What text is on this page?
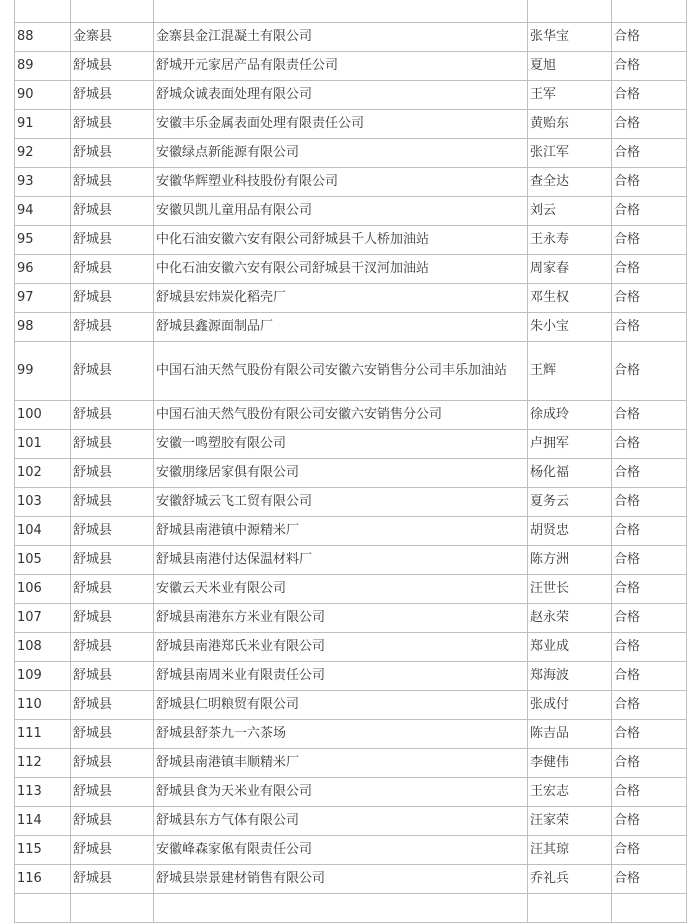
88	金寨县	金寨县金江混凝土有限公司	张华宝	合格
89	舒城县	舒城开元家居产品有限责任公司	夏旭	合格
90	舒城县	舒城众诚表面处理有限公司	王军	合格
91	舒城县	安徽丰乐金属表面处理有限责任公司	黄贻东	合格
92	舒城县	安徽绿点新能源有限公司	张江军	合格
93	舒城县	安徽华辉塑业科技股份有限公司	查全达	合格
94	舒城县	安徽贝凯儿童用品有限公司	刘云	合格
95	舒城县	中化石油安徽六安有限公司舒城县千人桥加油站	王永寿	合格
96	舒城县	中化石油安徽六安有限公司舒城县干汊河加油站	周家春	合格
97	舒城县	舒城县宏炜炭化稻壳厂	邓生权	合格
98	舒城县	舒城县鑫源面制品厂	朱小宝	合格
99	舒城县	中国石油天然气股份有限公司安徽六安销售分公司丰乐加油站	王辉	合格
100	舒城县	中国石油天然气股份有限公司安徽六安销售分公司	徐成玲	合格
101	舒城县	安徽一鸣塑胶有限公司	卢拥军	合格
102	舒城县	安徽朋缘居家俱有限公司	杨化福	合格
103	舒城县	安徽舒城云飞工贸有限公司	夏务云	合格
104	舒城县	舒城县南港镇中源精米厂	胡贤忠	合格
105	舒城县	舒城县南港付达保温材料厂	陈方洲	合格
106	舒城县	安徽云天米业有限公司	汪世长	合格
107	舒城县	舒城县南港东方米业有限公司	赵永荣	合格
108	舒城县	舒城县南港郑氏米业有限公司	郑业成	合格
109	舒城县	舒城县南周米业有限责任公司	郑海波	合格
110	舒城县	舒城县仁明粮贸有限公司	张成付	合格
111	舒城县	舒城县舒茶九一六茶场	陈吉品	合格
112	舒城县	舒城县南港镇丰顺精米厂	李健伟	合格
113	舒城县	舒城县食为天米业有限公司	王宏志	合格
114	舒城县	舒城县东方气体有限公司	汪家荣	合格
115	舒城县	安徽峰森家俬有限责任公司	汪其琼	合格
116	舒城县	舒城县崇景建材销售有限公司	乔礼兵	合格
